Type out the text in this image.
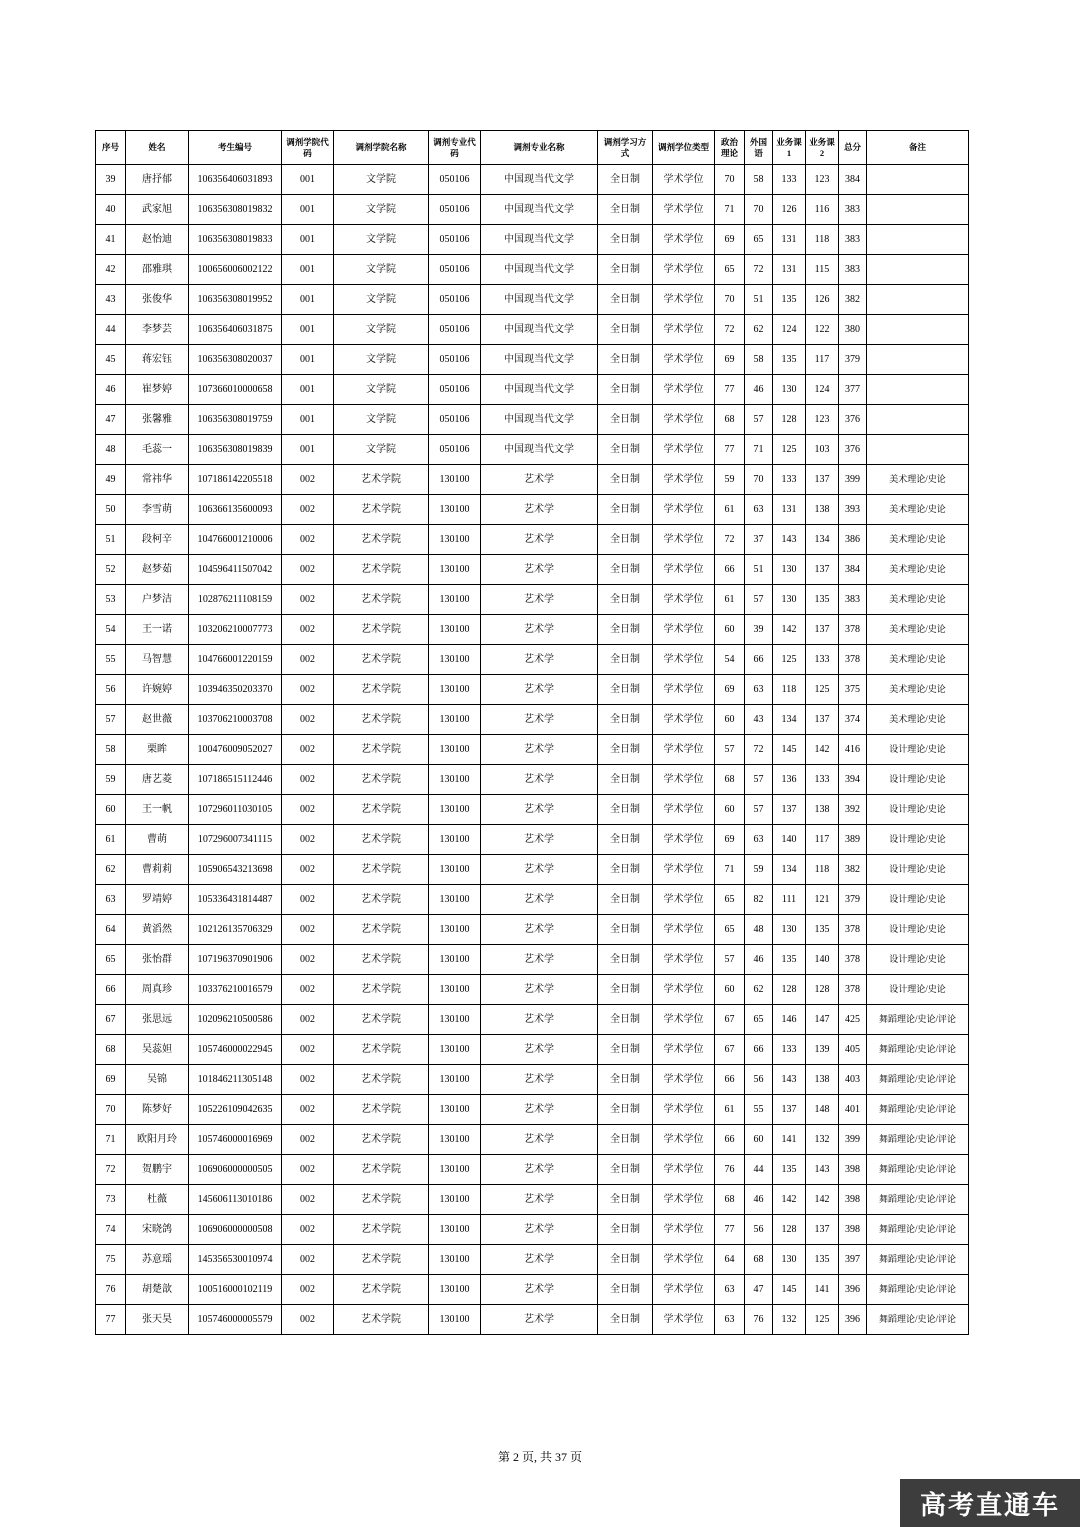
序号	姓名	考生编号	调剂学院代码	调剂学院名称	调剂专业代码	调剂专业名称	调剂学习方式	调剂学位类型	政治理论	外国语	业务课1	业务课2	总分	备注
39	唐抒郁	106356406031893	001	文学院	050106	中国现当代文学	全日制	学术学位	70	58	133	123	384	
40	武家旭	106356308019832	001	文学院	050106	中国现当代文学	全日制	学术学位	71	70	126	116	383	
41	赵怡迪	106356308019833	001	文学院	050106	中国现当代文学	全日制	学术学位	69	65	131	118	383	
42	邵雅琪	100656006002122	001	文学院	050106	中国现当代文学	全日制	学术学位	65	72	131	115	383	
43	张俊华	106356308019952	001	文学院	050106	中国现当代文学	全日制	学术学位	70	51	135	126	382	
44	李梦芸	106356406031875	001	文学院	050106	中国现当代文学	全日制	学术学位	72	62	124	122	380	
45	蒋宏钰	106356308020037	001	文学院	050106	中国现当代文学	全日制	学术学位	69	58	135	117	379	
46	崔梦婷	107366010000658	001	文学院	050106	中国现当代文学	全日制	学术学位	77	46	130	124	377	
47	张馨雅	106356308019759	001	文学院	050106	中国现当代文学	全日制	学术学位	68	57	128	123	376	
48	毛蕊一	106356308019839	001	文学院	050106	中国现当代文学	全日制	学术学位	77	71	125	103	376	
49	常祎华	107186142205518	002	艺术学院	130100	艺术学	全日制	学术学位	59	70	133	137	399	美术理论/史论
50	李雪萌	106366135600093	002	艺术学院	130100	艺术学	全日制	学术学位	61	63	131	138	393	美术理论/史论
51	段柯辛	104766001210006	002	艺术学院	130100	艺术学	全日制	学术学位	72	37	143	134	386	美术理论/史论
52	赵梦茹	104596411507042	002	艺术学院	130100	艺术学	全日制	学术学位	66	51	130	137	384	美术理论/史论
53	户梦洁	102876211108159	002	艺术学院	130100	艺术学	全日制	学术学位	61	57	130	135	383	美术理论/史论
54	王一诺	103206210007773	002	艺术学院	130100	艺术学	全日制	学术学位	60	39	142	137	378	美术理论/史论
55	马智慧	104766001220159	002	艺术学院	130100	艺术学	全日制	学术学位	54	66	125	133	378	美术理论/史论
56	许婉婷	103946350203370	002	艺术学院	130100	艺术学	全日制	学术学位	69	63	118	125	375	美术理论/史论
57	赵世薇	103706210003708	002	艺术学院	130100	艺术学	全日制	学术学位	60	43	134	137	374	美术理论/史论
58	栗眸	100476009052027	002	艺术学院	130100	艺术学	全日制	学术学位	57	72	145	142	416	设计理论/史论
59	唐艺菱	107186515112446	002	艺术学院	130100	艺术学	全日制	学术学位	68	57	136	133	394	设计理论/史论
60	王一帆	107296011030105	002	艺术学院	130100	艺术学	全日制	学术学位	60	57	137	138	392	设计理论/史论
61	曹萌	107296007341115	002	艺术学院	130100	艺术学	全日制	学术学位	69	63	140	117	389	设计理论/史论
62	曹莉莉	105906543213698	002	艺术学院	130100	艺术学	全日制	学术学位	71	59	134	118	382	设计理论/史论
63	罗靖婷	105336431814487	002	艺术学院	130100	艺术学	全日制	学术学位	65	82	111	121	379	设计理论/史论
64	黄滔然	102126135706329	002	艺术学院	130100	艺术学	全日制	学术学位	65	48	130	135	378	设计理论/史论
65	张怡群	107196370901906	002	艺术学院	130100	艺术学	全日制	学术学位	57	46	135	140	378	设计理论/史论
66	周真珍	103376210016579	002	艺术学院	130100	艺术学	全日制	学术学位	60	62	128	128	378	设计理论/史论
67	张思远	102096210500586	002	艺术学院	130100	艺术学	全日制	学术学位	67	65	146	147	425	舞蹈理论/史论/评论
68	吴蕊妲	105746000022945	002	艺术学院	130100	艺术学	全日制	学术学位	67	66	133	139	405	舞蹈理论/史论/评论
69	吴锦	101846211305148	002	艺术学院	130100	艺术学	全日制	学术学位	66	56	143	138	403	舞蹈理论/史论/评论
70	陈梦好	105226109042635	002	艺术学院	130100	艺术学	全日制	学术学位	61	55	137	148	401	舞蹈理论/史论/评论
71	欧阳月玲	105746000016969	002	艺术学院	130100	艺术学	全日制	学术学位	66	60	141	132	399	舞蹈理论/史论/评论
72	贺鹏宇	106906000000505	002	艺术学院	130100	艺术学	全日制	学术学位	76	44	135	143	398	舞蹈理论/史论/评论
73	杜薇	145606113010186	002	艺术学院	130100	艺术学	全日制	学术学位	68	46	142	142	398	舞蹈理论/史论/评论
74	宋晓鸽	106906000000508	002	艺术学院	130100	艺术学	全日制	学术学位	77	56	128	137	398	舞蹈理论/史论/评论
75	苏意瑶	145356530010974	002	艺术学院	130100	艺术学	全日制	学术学位	64	68	130	135	397	舞蹈理论/史论/评论
76	胡楚歆	100516000102119	002	艺术学院	130100	艺术学	全日制	学术学位	63	47	145	141	396	舞蹈理论/史论/评论
77	张天昊	105746000005579	002	艺术学院	130100	艺术学	全日制	学术学位	63	76	132	125	396	舞蹈理论/史论/评论
第 2 页, 共 37 页
高考直通车
